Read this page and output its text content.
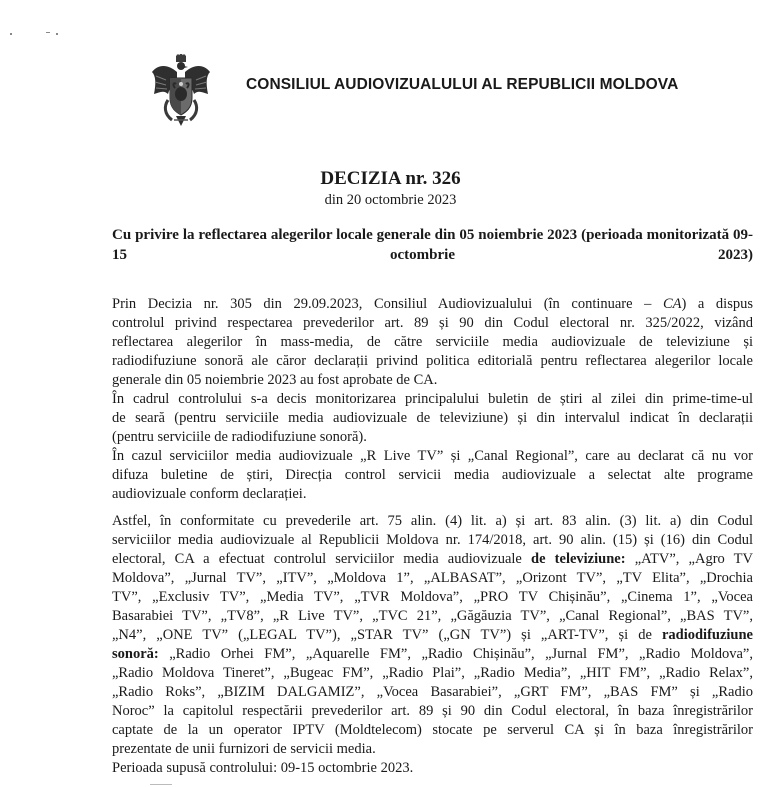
CONSILIUL AUDIOVIZUALULUI AL REPUBLICII MOLDOVA
DECIZIA nr. 326
din 20 octombrie 2023
Cu privire la reflectarea alegerilor locale generale din 05 noiembrie 2023 (perioada monitorizată 09-15 octombrie 2023)
Prin Decizia nr. 305 din 29.09.2023, Consiliul Audiovizualului (în continuare – CA) a dispus
controlul privind respectarea prevederilor art. 89 și 90 din Codul electoral nr. 325/2022, vizând
reflectarea alegerilor în mass-media, de către serviciile media audiovizuale de televiziune și
radiodifuziune sonoră ale căror declarații privind politica editorială pentru reflectarea alegerilor locale
generale din 05 noiembrie 2023 au fost aprobate de CA.
În cadrul controlului s-a decis monitorizarea principalului buletin de știri al zilei din prime-time-ul
de seară (pentru serviciile media audiovizuale de televiziune) și din intervalul indicat în declarații
(pentru serviciile de radiodifuziune sonoră).
În cazul serviciilor media audiovizuale „R Live TV” și „Canal Regional”, care au declarat că nu vor
difuza buletine de știri, Direcția control servicii media audiovizuale a selectat alte programe
audiovizuale conform declarației.
Astfel, în conformitate cu prevederile art. 75 alin. (4) lit. a) și art. 83 alin. (3) lit. a) din Codul
serviciilor media audiovizuale al Republicii Moldova nr. 174/2018, art. 90 alin. (15) și (16) din Codul
electoral, CA a efectuat controlul serviciilor media audiovizuale de televiziune: „ATV”, „Agro TV
Moldova”, „Jurnal TV”, „ITV”, „Moldova 1”, „ALBASAT”, „Orizont TV”, „TV Elita”, „Drochia
TV”, „Exclusiv TV”, „Media TV”, „TVR Moldova”, „PRO TV Chișinău”, „Cinema 1”, „Vocea
Basarabiei TV”, „TV8”, „R Live TV”, „TVC 21”, „Găgăuzia TV”, „Canal Regional”, „BAS TV”,
„N4”, „ONE TV” („LEGAL TV”), „STAR TV” („GN TV”) și „ART-TV”, și de radiodifuziune
sonoră: „Radio Orhei FM”, „Aquarelle FM”, „Radio Chișinău”, „Jurnal FM”, „Radio Moldova”,
„Radio Moldova Tineret”, „Bugeac FM”, „Radio Plai”, „Radio Media”, „HIT FM”, „Radio Relax”,
„Radio Roks”, „BIZIM DALGAMIZ”, „Vocea Basarabiei”, „GRT FM”, „BAS FM” și „Radio
Noroc” la capitolul respectării prevederilor art. 89 și 90 din Codul electoral, în baza înregistrărilor
captate de la un operator IPTV (Moldtelecom) stocate pe serverul CA și în baza înregistrărilor
prezentate de unii furnizori de servicii media.
Perioada supusă controlului: 09-15 octombrie 2023.
